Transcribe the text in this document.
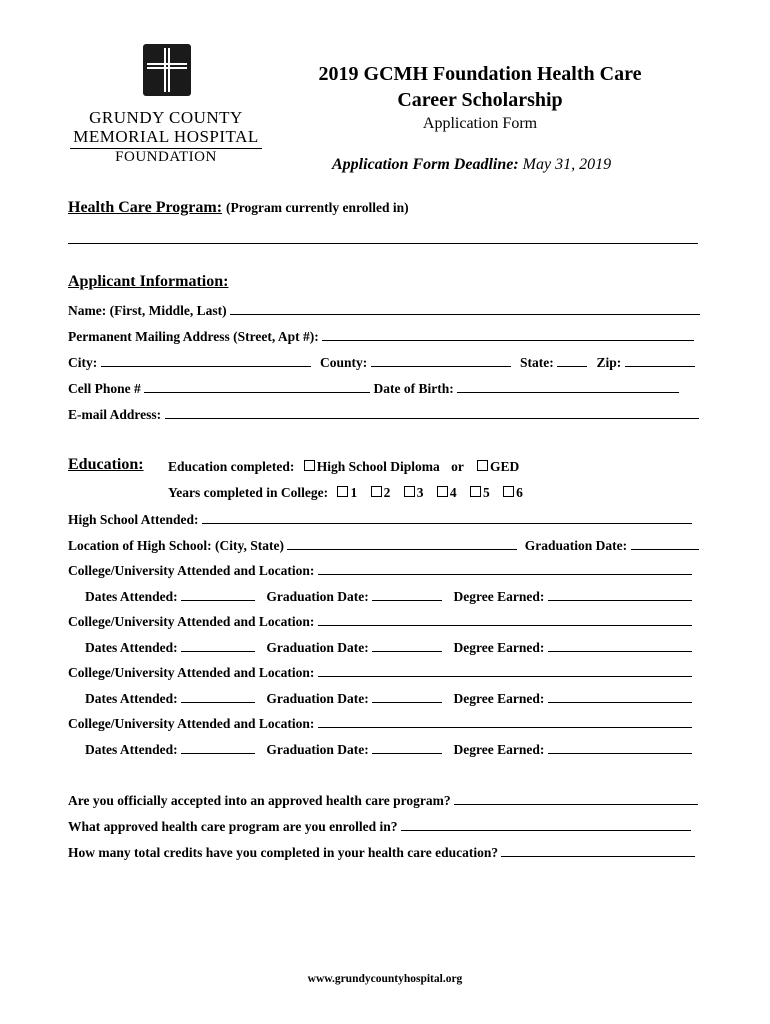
GRUNDY COUNTY
MEMORIAL HOSPITAL
FOUNDATION
2019 GCMH Foundation Health Care
Career Scholarship
Application Form
Application Form Deadline: May 31, 2019
Health Care Program: (Program currently enrolled in)
Applicant Information:
Name: (First, Middle, Last)
Permanent Mailing Address (Street, Apt #):
City:	County:	State:	Zip:
Cell Phone #	Date of Birth:
E-mail Address:
Education: Education completed: High School Diploma or GED
Years completed in College: 1 2 3 4 5 6
High School Attended:
Location of High School: (City, State)	Graduation Date:
College/University Attended and Location:
Dates Attended:	Graduation Date:	Degree Earned:
College/University Attended and Location:
Dates Attended:	Graduation Date:	Degree Earned:
College/University Attended and Location:
Dates Attended:	Graduation Date:	Degree Earned:
College/University Attended and Location:
Dates Attended:	Graduation Date:	Degree Earned:
Are you officially accepted into an approved health care program?
What approved health care program are you enrolled in?
How many total credits have you completed in your health care education?
www.grundycountyhospital.org
